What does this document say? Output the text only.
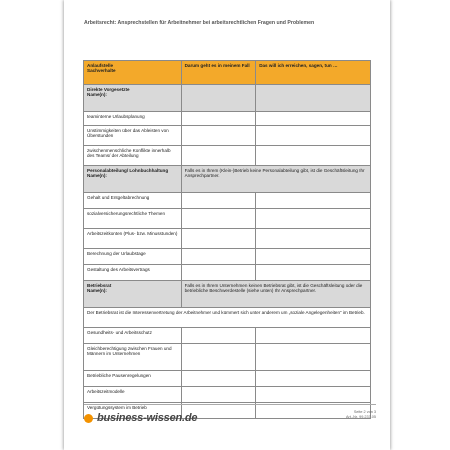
Arbeitsrecht: Ansprechstellen für Arbeitnehmer bei arbeitsrechtlichen Fragen und Problemen
Anlaufstelle
Sachverhalte	Darum geht es in meinem Fall	Das will ich erreichen, sagen, tun …

Direkte Vorgesetzte
Name(n):		

teaminterne Urlaubsplanung		
Unstimmigkeiten über das Ableisten von Überstunden		
zwischenmenschliche Konflikte innerhalb des Teams/ der Abteilung		

Personalabteilung/ Lohnbuchhaltung
Name(n):	Falls es in Ihrem (Klein-)Betrieb keine Personalabteilung gibt, ist die Geschäftsleitung Ihr Ansprechpartner.	
Gehalt und Entgeltabrechnung		
sozialversicherungsrechtliche Themen		
Arbeitszeitkonten (Plus- bzw. Minusstunden)		
Berechnung der Urlaubstage		
Gestaltung des Arbeitsvertrags		

Betriebsrat
Name(n):	Falls es in Ihrem Unternehmen keinen Betriebsrat gibt, ist die Geschäftsleitung oder die betriebliche Beschwerdestelle (siehe unten) Ihr Ansprechpartner.	
Der Betriebsrat ist die Interessenvertretung der Arbeitnehmer und kümmert sich unter anderem um „soziale Angelegenheiten“ im Betrieb.		
Gesundheits- und Arbeitsschutz		
Gleichberechtigung zwischen Frauen und Männern im Unternehmen		
Betriebliche Pausenregelungen		
Arbeitszeitmodelle		
Vergütungssystem im Betrieb		
business-wissen.de	Seite 2 von 3
Art.-Nr. 99.237.05
